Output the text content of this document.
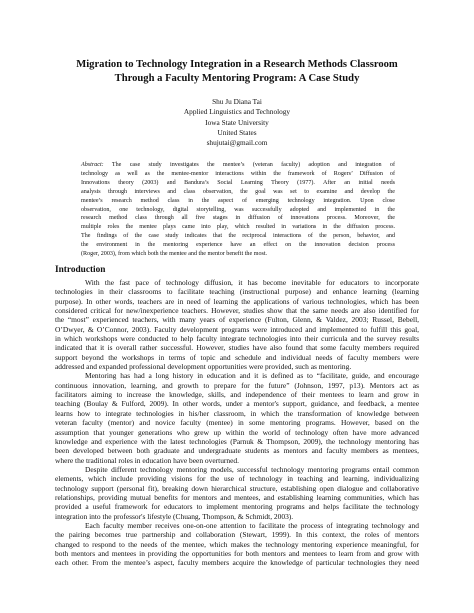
Migration to Technology Integration in a Research Methods Classroom
Through a Faculty Mentoring Program: A Case Study
Shu Ju Diana Tai
Applied Linguistics and Technology
Iowa State University
United States
shujutai@gmail.com
Abstract: The case study investigates the mentee’s (veteran faculty) adoption and integration of
technology as well as the mentee-mentor interactions within the framework of Rogers’ Diffusion of
Innovations theory (2003) and Bandura’s Social Learning Theory (1977). After an initial needs
analysis through interviews and class observation, the goal was set to examine and develop the
mentee’s research method class in the aspect of emerging technology integration. Upon close
observation, one technology, digital storytelling, was successfully adopted and implemented in the
research method class through all five stages in diffusion of innovations process. Moreover, the
multiple roles the mentee plays came into play, which resulted in variations in the diffusion process.
The findings of the case study indicates that the reciprocal interactions of the person, behavior, and
the environment in the mentoring experience have an effect on the innovation decision process
(Roger, 2003), from which both the mentee and the mentor benefit the most.
Introduction
With the fast pace of technology diffusion, it has become inevitable for educators to incorporate
technologies in their classrooms to facilitate teaching (instructional purpose) and enhance learning (learning
purpose). In other words, teachers are in need of learning the applications of various technologies, which has been
considered critical for new/inexperience teachers. However, studies show that the same needs are also identified for
the “most” experienced teachers, with many years of experience (Fulton, Glenn, & Valdez, 2003; Russel, Bebell,
O’Dwyer, & O’Connor, 2003). Faculty development programs were introduced and implemented to fulfill this goal,
in which workshops were conducted to help faculty integrate technologies into their curricula and the survey results
indicated that it is overall rather successful. However, studies have also found that some faculty members required
support beyond the workshops in terms of topic and schedule and individual needs of faculty members were
addressed and expanded professional development opportunities were provided, such as mentoring.
Mentoring has had a long history in education and it is defined as to “facilitate, guide, and encourage
continuous innovation, learning, and growth to prepare for the future” (Johnson, 1997, p13). Mentors act as
facilitators aiming to increase the knowledge, skills, and independence of their mentees to learn and grow in
teaching (Boulay & Fulford, 2009). In other words, under a mentor's support, guidance, and feedback, a mentee
learns how to integrate technologies in his/her classroom, in which the transformation of knowledge between
veteran faculty (mentor) and novice faculty (mentee) in some mentoring programs. However, based on the
assumption that younger generations who grew up within the world of technology often have more advanced
knowledge and experience with the latest technologies (Parnuk & Thompson, 2009), the technology mentoring has
been developed between both graduate and undergraduate students as mentors and faculty members as mentees,
where the traditional roles in education have been overturned.
Despite different technology mentoring models, successful technology mentoring programs entail common
elements, which include providing visions for the use of technology in teaching and learning, individualizing
technology support (personal fit), breaking down hierarchical structure, establishing open dialogue and collaborative
relationships, providing mutual benefits for mentors and mentees, and establishing learning communities, which has
provided a useful framework for educators to implement mentoring programs and helps facilitate the technology
integration into the professor's lifestyle (Chuang, Thompson, & Schmidt, 2003).
Each faculty member receives one-on-one attention to facilitate the process of integrating technology and
the pairing becomes true partnership and collaboration (Stewart, 1999). In this context, the roles of mentors
changed to respond to the needs of the mentee, which makes the technology mentoring experience meaningful, for
both mentors and mentees in providing the opportunities for both mentors and mentees to learn from and grow with
each other. From the mentee’s aspect, faculty members acquire the knowledge of particular technologies they need
